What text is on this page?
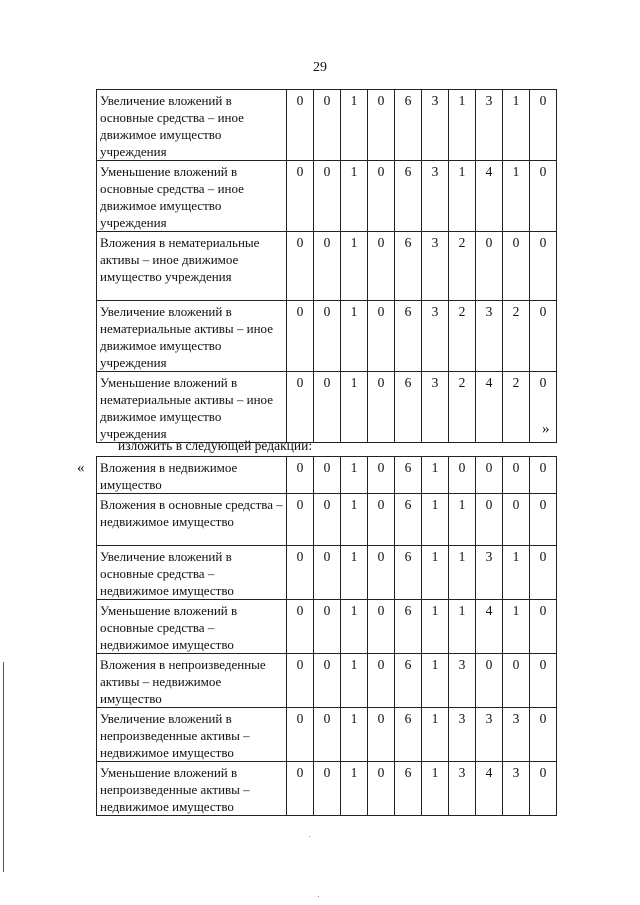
29
Увеличение вложений в основные средства – иное движимое имущество учреждения	0	0	1	0	6	3	1	3	1	0
Уменьшение вложений в основные средства – иное движимое имущество учреждения	0	0	1	0	6	3	1	4	1	0
Вложения в нематериальные активы – иное движимое имущество учреждения	0	0	1	0	6	3	2	0	0	0
Увеличение вложений в нематериальные активы – иное движимое имущество учреждения	0	0	1	0	6	3	2	3	2	0
Уменьшение вложений в нематериальные активы – иное движимое имущество учреждения	0	0	1	0	6	3	2	4	2	0
»
изложить в следующей редакции:
« Вложения в недвижимое имущество	0	0	1	0	6	1	0	0	0	0
Вложения в основные средства – недвижимое имущество	0	0	1	0	6	1	1	0	0	0
Увеличение вложений в основные средства – недвижимое имущество	0	0	1	0	6	1	1	3	1	0
Уменьшение вложений в основные средства – недвижимое имущество	0	0	1	0	6	1	1	4	1	0
Вложения в непроизведенные активы – недвижимое имущество	0	0	1	0	6	1	3	0	0	0
Увеличение вложений в непроизведенные активы – недвижимое имущество	0	0	1	0	6	1	3	3	3	0
Уменьшение вложений в непроизведенные активы – недвижимое имущество	0	0	1	0	6	1	3	4	3	0
